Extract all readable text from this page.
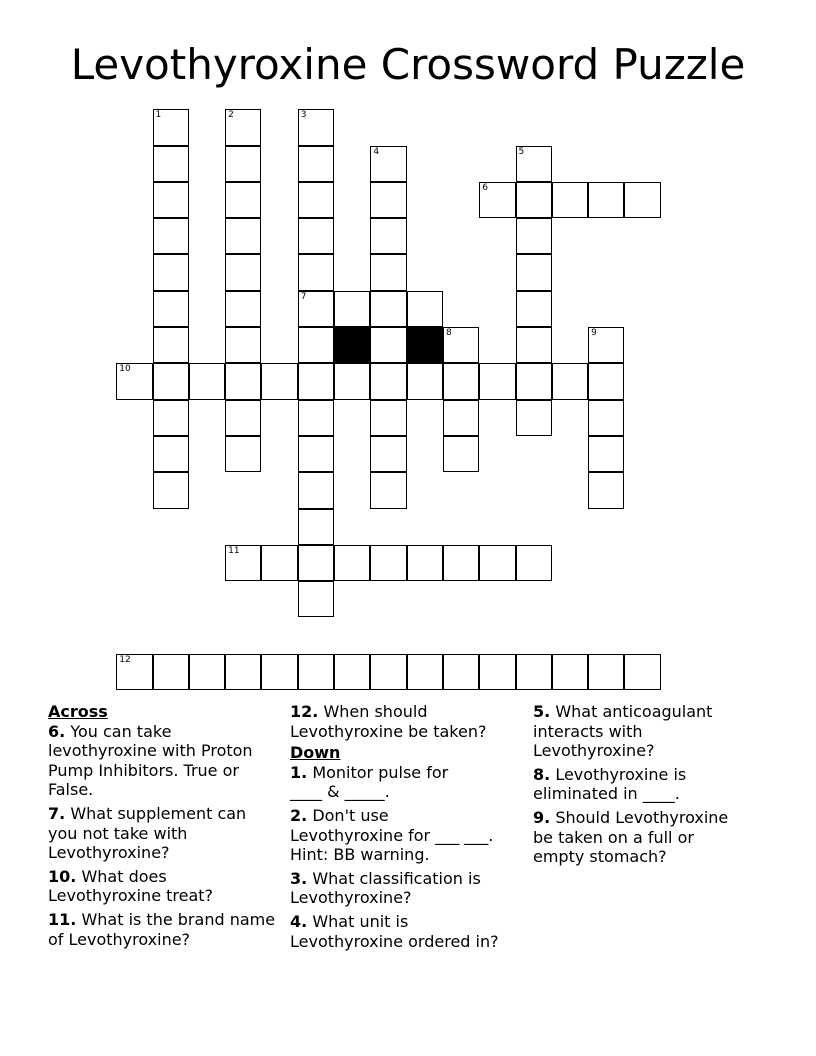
Levothyroxine Crossword Puzzle
1	2	3
7
4	5
6
8	9
10
11
12
Across
6. You can take levothyroxine with Proton Pump Inhibitors. True or False.
7. What supplement can you not take with Levothyroxine?
10. What does Levothyroxine treat?
11. What is the brand name of Levothyroxine?
12. When should Levothyroxine be taken?
Down
1. Monitor pulse for ____ & _____.
2. Don't use Levothyroxine for ___ ___. Hint: BB warning.
3. What classification is Levothyroxine?
4. What unit is Levothyroxine ordered in?
5. What anticoagulant interacts with Levothyroxine?
8. Levothyroxine is eliminated in ____.
9. Should Levothyroxine be taken on a full or empty stomach?
